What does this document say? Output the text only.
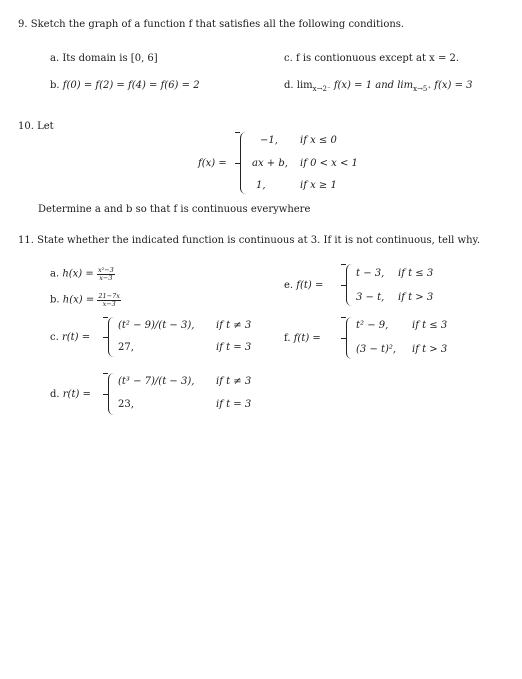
9. Sketch the graph of a function f that satisfies all the following conditions.
a. Its domain is [0, 6]
b. f(0) = f(2) = f(4) = f(6) = 2
c. f is contionuous except at x = 2.
d. $\lim_{x\to 2^-} f(x) = 1$ and $\lim_{x\to 5^+} f(x) = 3$
10. Let
f(x) =
−1, if x ≤ 0
ax + b, if 0 < x < 1
1,	if x ≥ 1
Determine a and b so that f is continuous everywhere
11. State whether the indicated function is continuous at 3. If it is not continuous, tell why.
a. $h(x) = \frac{\text{x²−3}}{x-3}$
b. $h(x) = \frac{21-7x}{x-3}$
c. r(t) =
(t² − 9)/(t − 3), if t ≠ 3
27,	if t = 3
d. r(t) =
(t³ − 7)/(t − 3), if t ≠ 3
23,	if t = 3
e. f(t) =
t − 3, if t ≤ 3
3 − t, if t > 3
f. f(t) =
t² − 9, if t ≤ 3
(3 − t)², if t > 3
